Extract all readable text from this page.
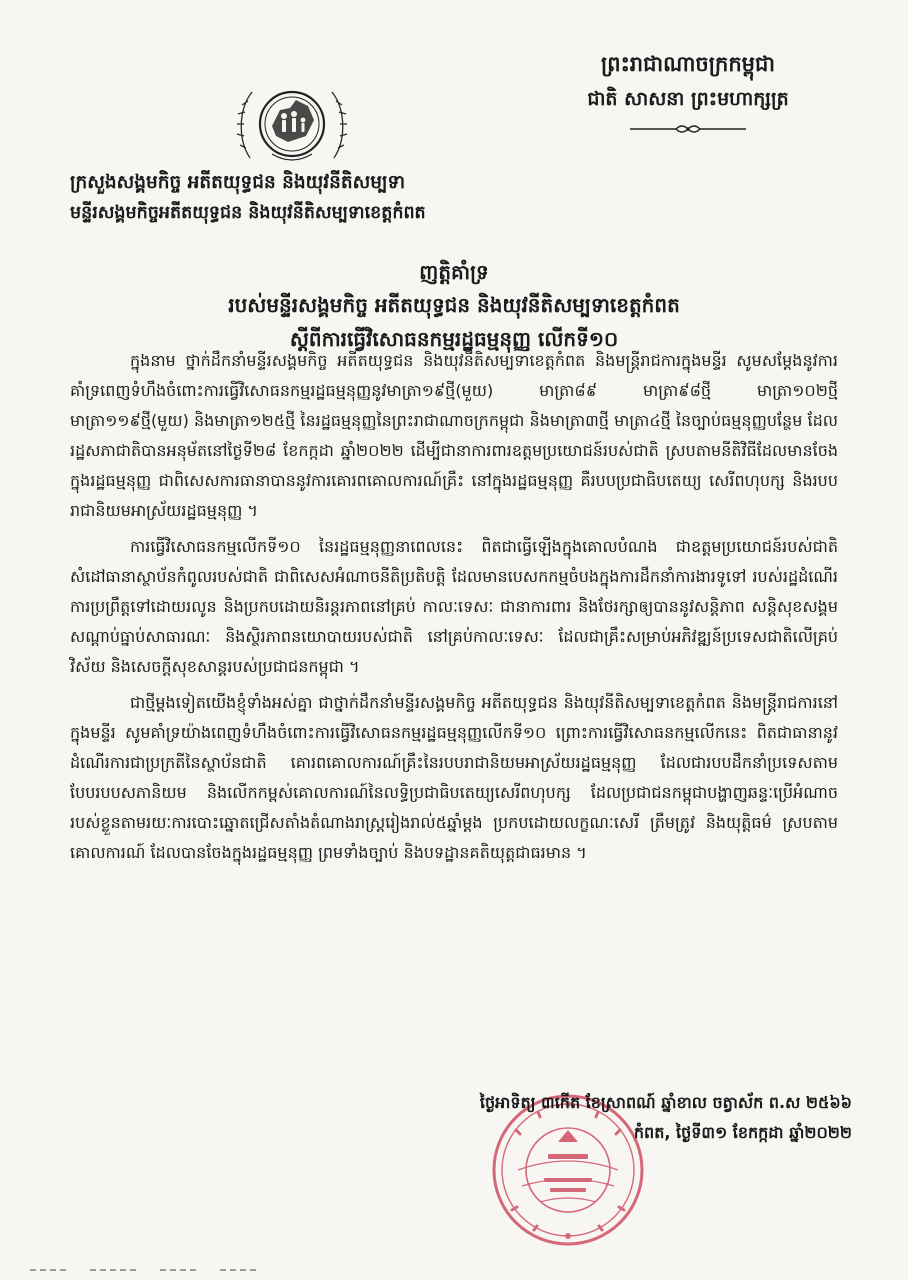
ព្រះរាជាណាចក្រកម្ពុជា
ជាតិ សាសនា ព្រះមហាក្សត្រ
ក្រសួងសង្គមកិច្ច អតីតយុទ្ធជន និងយុវនីតិសម្បទា
មន្ទីរសង្គមកិច្ចអតីតយុទ្ធជន និងយុវនីតិសម្បទាខេត្តកំពត
ញត្តិគាំទ្រ
របស់មន្ទីរសង្គមកិច្ច អតីតយុទ្ធជន និងយុវនីតិសម្បទាខេត្តកំពត
ស្តីពីការធ្វើវិសោធនកម្មរដ្ឋធម្មនុញ្ញ លើកទី១០

ក្នុងនាម ថ្នាក់ដឹកនាំមន្ទីរសង្គមកិច្ច អតីតយុទ្ធជន និងយុវនីតិសម្បទាខេត្តកំពត និងមន្ត្រីរាជការក្នុងមន្ទីរ សូមសម្តែងនូវការគាំទ្រពេញទំហឹងចំពោះការធ្វើវិសោធនកម្មរដ្ឋធម្មនុញ្ញនូវមាត្រា១៩ថ្មី(មួយ) មាត្រា៨៩ មាត្រា៩៨ថ្មី មាត្រា១០២ថ្មី មាត្រា១១៩ថ្មី(មួយ) និងមាត្រា១២៥ថ្មី នៃរដ្ឋធម្មនុញ្ញនៃព្រះរាជាណាចក្រកម្ពុជា និងមាត្រា៣ថ្មី មាត្រា៤ថ្មី នៃច្បាប់ធម្មនុញ្ញបន្ថែម ដែលរដ្ឋសភាជាតិបានអនុម័តនៅថ្ងៃទី២៨ ខែកក្កដា ឆ្នាំ២០២២ ដើម្បីជានាការពារឧត្តមប្រយោជន៍របស់ជាតិ ស្របតាមនីតិវិធីដែលមានចែងក្នុងរដ្ឋធម្មនុញ្ញ ជាពិសេសការធានាបាននូវការគោរពគោលការណ៍គ្រឹះ នៅក្នុងរដ្ឋធម្មនុញ្ញ គឺរបបប្រជាធិបតេយ្យ សេរីពហុបក្ស និងរបបរាជានិយមអាស្រ័យរដ្ឋធម្មនុញ្ញ ។

ការធ្វើវិសោធនកម្មលើកទី១០ នៃរដ្ឋធម្មនុញ្ញនាពេលនេះ ពិតជាធ្វើឡើងក្នុងគោលបំណង ជាឧត្តមប្រយោជន៍របស់ជាតិ សំដៅធានាស្ថាប័នកំពូលរបស់ជាតិ ជាពិសេសអំណាចនីតិប្រតិបត្តិ ដែលមានបេសកកម្មចំបងក្នុងការដឹកនាំការងារទូទៅ របស់រដ្ឋដំណើរការប្រព្រឹត្តទៅដោយរលូន និងប្រកបដោយនិរន្តរភាពនៅគ្រប់ កាលៈទេសៈ ជានាការពារ និងថែរក្សាឲ្យបាននូវសន្តិភាព សន្តិសុខសង្គម សណ្តាប់ធ្នាប់សាធារណៈ និងស្ថិរភាពនយោបាយរបស់ជាតិ នៅគ្រប់កាលៈទេសៈ ដែលជាគ្រឹះសម្រាប់អភិវឌ្ឍន៍ប្រទេសជាតិលើគ្រប់វិស័យ និងសេចក្តីសុខសាន្តរបស់ប្រជាជនកម្ពុជា ។

ជាថ្មីម្តងទៀតយើងខ្ញុំទាំងអស់គ្នា ជាថ្នាក់ដឹកនាំមន្ទីរសង្គមកិច្ច អតីតយុទ្ធជន និងយុវនីតិសម្បទាខេត្តកំពត និងមន្ត្រីរាជការនៅក្នុងមន្ទីរ សូមគាំទ្រយ៉ាងពេញទំហឹងចំពោះការធ្វើវិសោធនកម្មរដ្ឋធម្មនុញ្ញលើកទី១០ ព្រោះការធ្វើវិសោធនកម្មលើកនេះ ពិតជាធានានូវដំណើរការជាប្រក្រតីនៃស្ថាប័នជាតិ គោរពគោលការណ៍គ្រឹះនៃរបបរាជានិយមអាស្រ័យរដ្ឋធម្មនុញ្ញ ដែលជារបបដឹកនាំប្រទេសតាមបែបរបបសភានិយម និងលើកកម្ពស់គោលការណ៍នៃលទ្ធិប្រជាធិបតេយ្យសេរីពហុបក្ស ដែលប្រជាជនកម្ពុជាបង្ហាញឆន្ទៈប្រើអំណាចរបស់ខ្លួនតាមរយៈការបោះឆ្នោតជ្រើសតាំងតំណាងរាស្ត្ររៀងរាល់៥ឆ្នាំម្តង ប្រកបដោយលក្ខណៈសេរី ត្រឹមត្រូវ និងយុត្តិធម៌ ស្របតាមគោលការណ៍ ដែលបានចែងក្នុងរដ្ឋធម្មនុញ្ញ ព្រមទាំងច្បាប់ និងបទដ្ឋានគតិយុត្តជាធរមាន ។

ថ្ងៃអាទិត្យ ៣កើត ខែស្រាពណ៍ ឆ្នាំខាល ចត្វាស័ក ព.ស ២៥៦៦
កំពត, ថ្ងៃទី៣១ ខែកក្កដា ឆ្នាំ២០២២
